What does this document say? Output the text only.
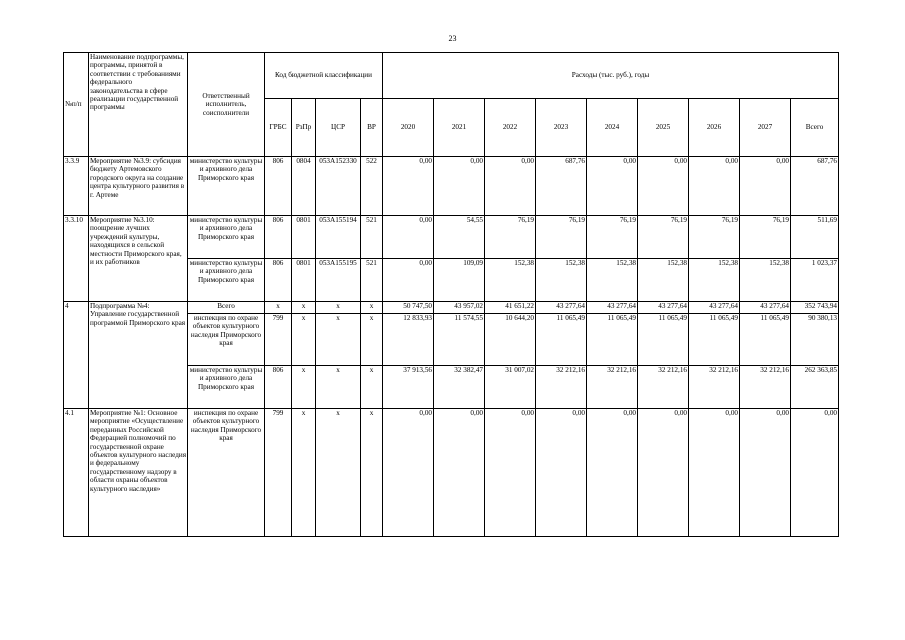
23
№п/п	Наименование подпрограммы, программы, принятой в соответствии с требованиями федерального законодательства в сфере реализации государственной программы	Ответственный исполнитель, соисполнители	Код бюджетной классификации				Расходы (тыс. руб.), годы								
			ГРБС	РзПр	ЦСР	ВР	2020	2021	2022	2023	2024	2025	2026	2027	Всего
3.3.9	Мероприятие №3.9: субсидия бюджету Артемовского городского округа на создание центра культурного развития в г. Артеме	министерство культуры и архивного дела Приморского края	806	0804	053А152330	522	0,00	0,00	0,00	687,76	0,00	0,00	0,00	0,00	687,76
3.3.10	Мероприятие №3.10: поощрение лучших учреждений культуры, находящихся в сельской местности Приморского края, и их работников	министерство культуры и архивного дела Приморского края	806	0801	053А155194	521	0,00	54,55	76,19	76,19	76,19	76,19	76,19	76,19	511,69
		министерство культуры и архивного дела Приморского края	806	0801	053А155195	521	0,00	109,09	152,38	152,38	152,38	152,38	152,38	152,38	1 023,37
4	Подпрограмма №4: Управление государственной программой Приморского края	Всего	x	x	x	x	50 747,50	43 957,02	41 651,22	43 277,64	43 277,64	43 277,64	43 277,64	43 277,64	352 743,94
		инспекция по охране объектов культурного наследия Приморского края	799	x	x	x	12 833,93	11 574,55	10 644,20	11 065,49	11 065,49	11 065,49	11 065,49	11 065,49	90 380,13
		министерство культуры и архивного дела Приморского края	806	x	x	x	37 913,56	32 382,47	31 007,02	32 212,16	32 212,16	32 212,16	32 212,16	32 212,16	262 363,85
4.1	Мероприятие №1: Основное мероприятие «Осуществление переданных Российской Федерацией полномочий по государственной охране объектов культурного наследия и федеральному государственному надзору в области охраны объектов культурного наследия»	инспекция по охране объектов культурного наследия Приморского края	799	x	x	x	0,00	0,00	0,00	0,00	0,00	0,00	0,00	0,00	0,00
